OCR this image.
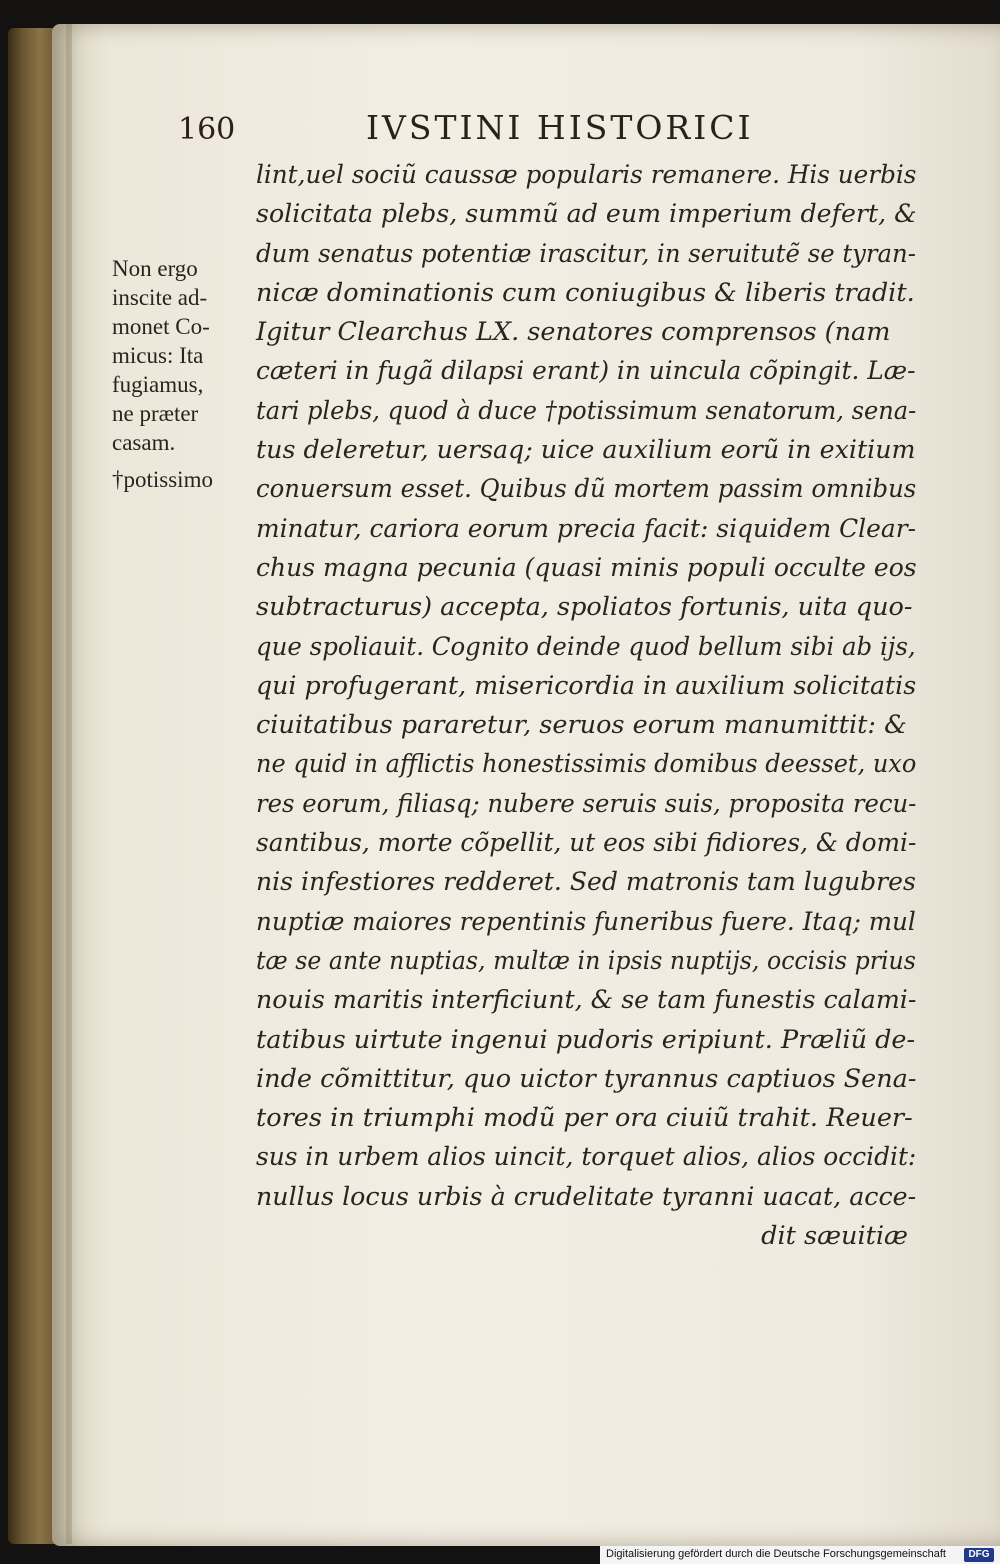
160	IVSTINI HISTORICI
Non ergo
inscite ad-
monet Co-
micus: Ita
fugiamus,
ne præter
casam.
†potissimo
lint,uel sociũ caussæ popularis remanere. His uerbis
solicitata plebs, summũ ad eum imperium defert, &
dum senatus potentiæ irascitur, in seruitutẽ se tyran-
nicæ dominationis cum coniugibus & liberis tradit.
Igitur Clearchus LX. senatores comprensos (nam
cæteri in fugã dilapsi erant) in uincula cõpingit. Læ-
tari plebs, quod à duce †potissimum senatorum, sena-
tus deleretur, uersaq; uice auxilium eorũ in exitium
conuersum esset. Quibus dũ mortem passim omnibus
minatur, cariora eorum precia facit: siquidem Clear-
chus magna pecunia (quasi minis populi occulte eos
subtracturus) accepta, spoliatos fortunis, uita quo-
que spoliauit. Cognito deinde quod bellum sibi ab ijs,
qui profugerant, misericordia in auxilium solicitatis
ciuitatibus pararetur, seruos eorum manumittit: &
ne quid in afflictis honestissimis domibus deesset, uxo
res eorum, filiasq; nubere seruis suis, proposita recu-
santibus, morte cõpellit, ut eos sibi fidiores, & domi-
nis infestiores redderet. Sed matronis tam lugubres
nuptiæ maiores repentinis funeribus fuere. Itaq; mul
tæ se ante nuptias, multæ in ipsis nuptijs, occisis prius
nouis maritis interficiunt, & se tam funestis calami-
tatibus uirtute ingenui pudoris eripiunt. Præliũ de-
inde cõmittitur, quo uictor tyrannus captiuos Sena-
tores in triumphi modũ per ora ciuiũ trahit. Reuer-
sus in urbem alios uincit, torquet alios, alios occidit:
nullus locus urbis à crudelitate tyranni uacat, acce-
dit sæuitiæ
Digitalisierung gefördert durch die Deutsche Forschungsgemeinschaft	DFG
